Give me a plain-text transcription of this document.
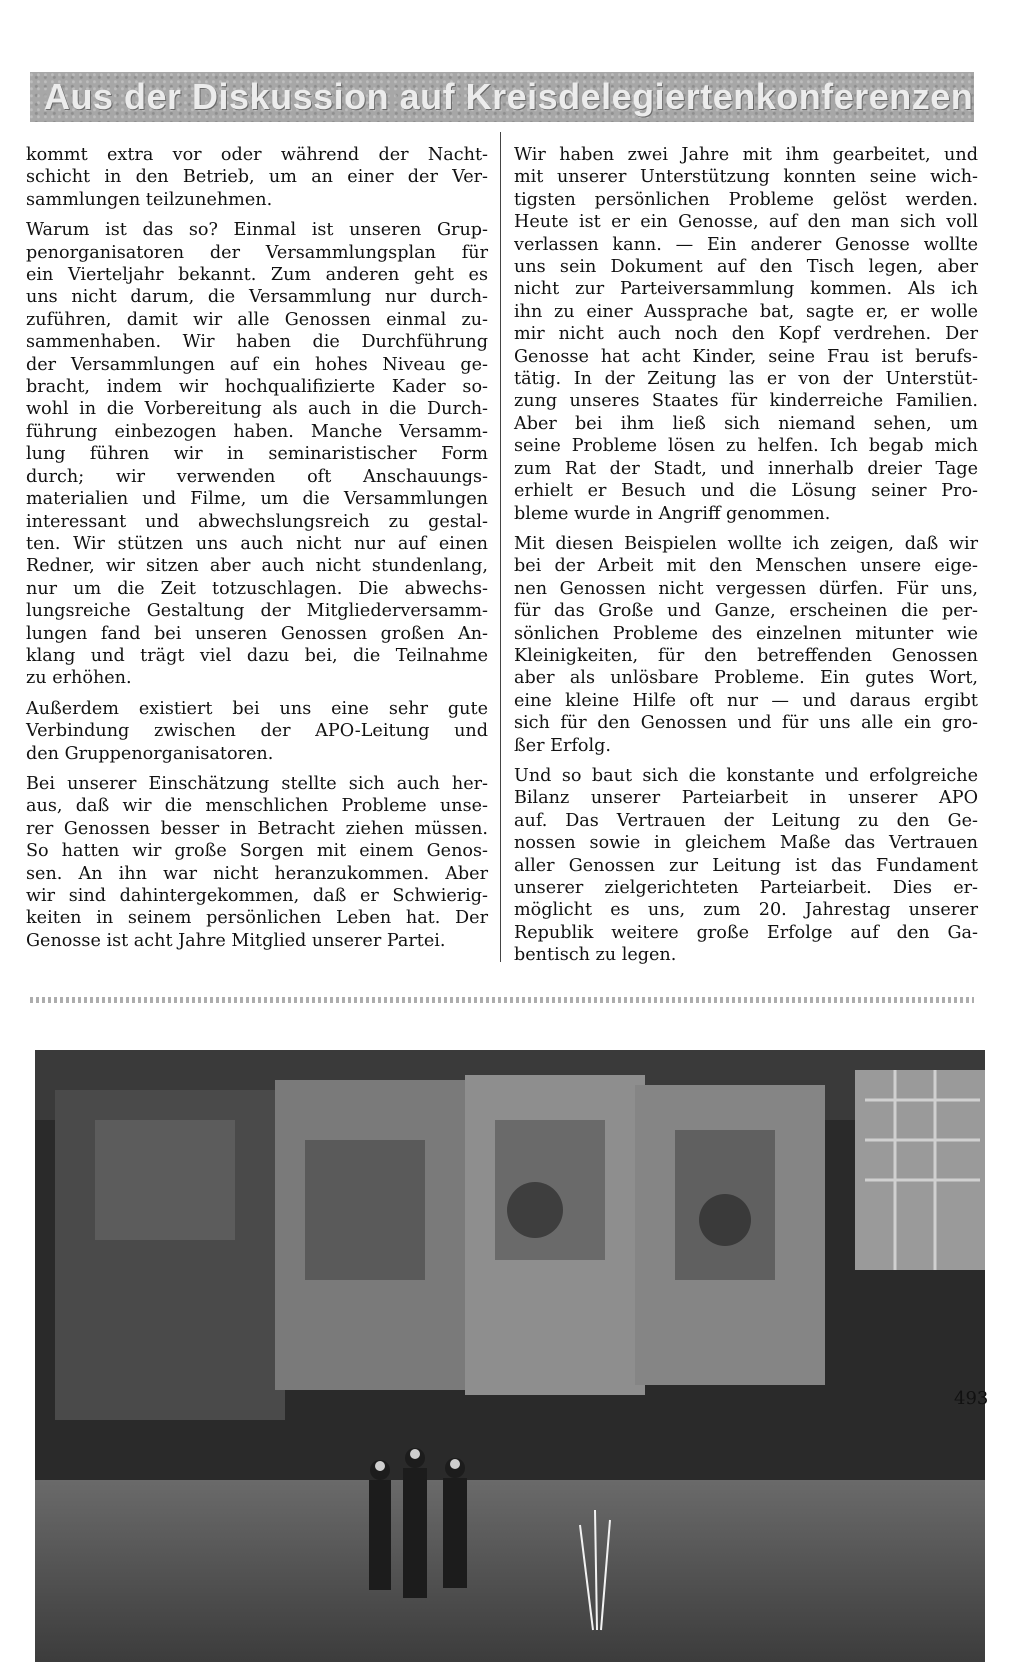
Aus der Diskussion auf Kreisdelegiertenkonferenzen

kommt extra vor oder während der Nacht-
schicht in den Betrieb, um an einer der Ver-
sammlungen teilzunehmen.

Warum ist das so? Einmal ist unseren Grup-
penorganisatoren der Versammlungsplan für
ein Vierteljahr bekannt. Zum anderen geht es
uns nicht darum, die Versammlung nur durch-
zuführen, damit wir alle Genossen einmal zu-
sammenhaben. Wir haben die Durchführung
der Versammlungen auf ein hohes Niveau ge-
bracht, indem wir hochqualifizierte Kader so-
wohl in die Vorbereitung als auch in die Durch-
führung einbezogen haben. Manche Versamm-
lung führen wir in seminaristischer Form
durch; wir verwenden oft Anschauungs-
materialien und Filme, um die Versammlungen
interessant und abwechslungsreich zu gestal-
ten. Wir stützen uns auch nicht nur auf einen
Redner, wir sitzen aber auch nicht stundenlang,
nur um die Zeit totzuschlagen. Die abwechs-
lungsreiche Gestaltung der Mitgliederversamm-
lungen fand bei unseren Genossen großen An-
klang und trägt viel dazu bei, die Teilnahme
zu erhöhen.

Außerdem existiert bei uns eine sehr gute
Verbindung zwischen der APO-Leitung und
den Gruppenorganisatoren.

Bei unserer Einschätzung stellte sich auch her-
aus, daß wir die menschlichen Probleme unse-
rer Genossen besser in Betracht ziehen müssen.
So hatten wir große Sorgen mit einem Genos-
sen. An ihn war nicht heranzukommen. Aber
wir sind dahintergekommen, daß er Schwierig-
keiten in seinem persönlichen Leben hat. Der
Genosse ist acht Jahre Mitglied unserer Partei.

Wir haben zwei Jahre mit ihm gearbeitet, und
mit unserer Unterstützung konnten seine wich-
tigsten persönlichen Probleme gelöst werden.
Heute ist er ein Genosse, auf den man sich voll
verlassen kann. — Ein anderer Genosse wollte
uns sein Dokument auf den Tisch legen, aber
nicht zur Parteiversammlung kommen. Als ich
ihn zu einer Aussprache bat, sagte er, er wolle
mir nicht auch noch den Kopf verdrehen. Der
Genosse hat acht Kinder, seine Frau ist berufs-
tätig. In der Zeitung las er von der Unterstüt-
zung unseres Staates für kinderreiche Familien.
Aber bei ihm ließ sich niemand sehen, um
seine Probleme lösen zu helfen. Ich begab mich
zum Rat der Stadt, und innerhalb dreier Tage
erhielt er Besuch und die Lösung seiner Pro-
bleme wurde in Angriff genommen.

Mit diesen Beispielen wollte ich zeigen, daß wir
bei der Arbeit mit den Menschen unsere eige-
nen Genossen nicht vergessen dürfen. Für uns,
für das Große und Ganze, erscheinen die per-
sönlichen Probleme des einzelnen mitunter wie
Kleinigkeiten, für den betreffenden Genossen
aber als unlösbare Probleme. Ein gutes Wort,
eine kleine Hilfe oft nur — und daraus ergibt
sich für den Genossen und für uns alle ein gro-
ßer Erfolg.

Und so baut sich die konstante und erfolgreiche
Bilanz unserer Parteiarbeit in unserer APO
auf. Das Vertrauen der Leitung zu den Ge-
nossen sowie in gleichem Maße das Vertrauen
aller Genossen zur Leitung ist das Fundament
unserer zielgerichteten Parteiarbeit. Dies er-
möglicht es uns, zum 20. Jahrestag unserer
Republik weitere große Erfolge auf den Ga-
bentisch zu legen.

493
